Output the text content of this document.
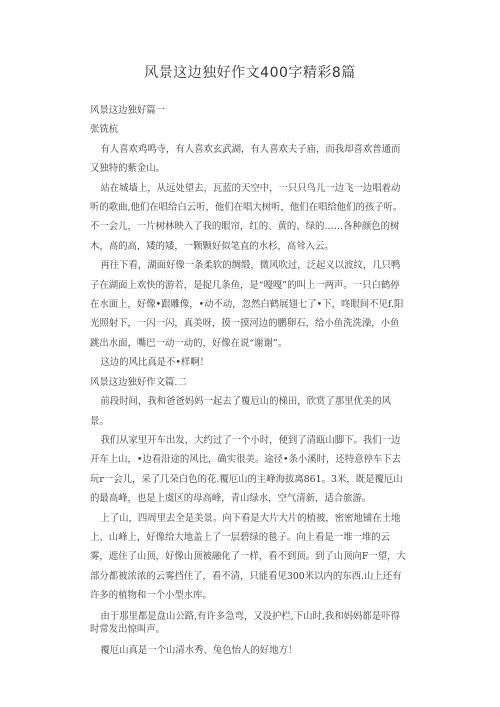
风景这边独好作文400字精彩8篇

风景这边独好篇一

张铣杭

有人喜欢鸡鸣寺，有人喜欢玄武湖，有人喜欢夫子庙，而我却喜欢普通而又独特的紫金山。

站在城墙上，从远处望去，瓦蓝的天空中，一只只鸟儿一边飞一边唱着动听的歌曲,他们在唱给白云听，他们在唱大树听，他们在唱给他们的孩子听。不一会儿，一片树林映入了我的眼帘，红的、黄的、绿的……各种颜色的树木，高的高，矮的矮，一颗颗好似笔直的水杉，高耸入云。

再往下看，湖面好像一条柔软的绸缎，微风吹过，泛起义以波纹，几只鸭子在湖面上欢快的游若，是捉几条鱼，是“嘎嘎”的叫上一两声。一只白鹤停在水面上，好像•跟雕像，•动不动，忽然白鹤展翅七了•下，咚眼间不见f.阳光照射下，一闪一闪，真美呀，摸一摸河边的鹏卵石，给小鱼洗洗澡，小鱼跳出水面，嘴巴一动一动的，好像在说“谢谢”。

这边的风比真是不•样啊！

风景这边独好作文篇.二

前段时间，我和爸爸妈妈一起去了覆卮山的梯田，欣赏了那里优美的风景。

我们从家里开车出发，大约过了一个小时，便到了清瓯山脚下。我们一边开车上山，•边看沿途的风比，确实很美。途径•条小溪时，还特意停车下去玩r一会儿，采了几朵白色的花.覆厄山的主峰海拔离861。3米，既是覆厄山的最高峰，也是上虞区的母高峰，青山绿水，空气清新，适合旅游。

上了山，四周里去全是美景。向下看是大片大片的植被，密密地铺在土地上、山峰上，好像给大地盖上了一层碧绿的毯子。向上看是一堆一堆的云雾，遮住了山顶，好像山顶被融化了一样，看不到顶。到了山顶向F一望，大部分都被浓浓的云雾挡住了，看不清，只能看见300米以内的东西.山上还有许多的植物和一个小型水库。

由于那里都是盘山公路,有许多急弯，又没护栏,下山时,我和妈妈都是吓得时常发出惊叫声。

覆厄山真是一个山清水秀、兔色怡人的好地方！
